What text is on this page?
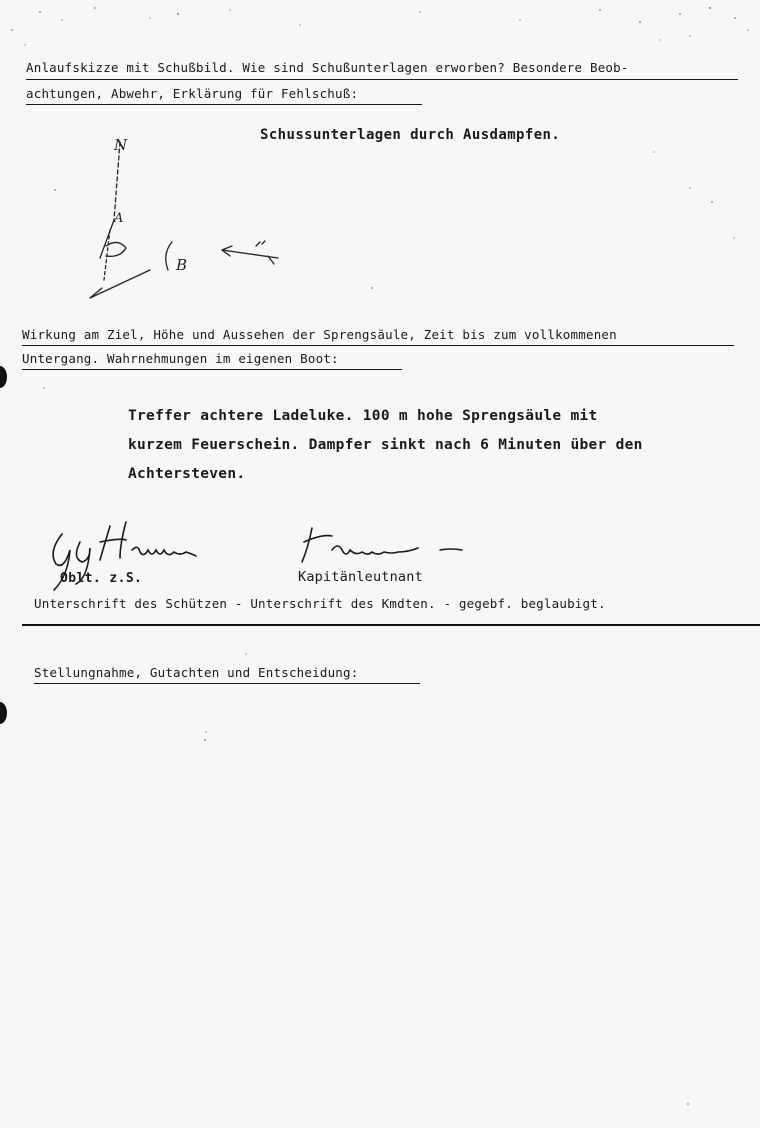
Anlaufskizze mit Schußbild. Wie sind Schußunterlagen erworben? Besondere Beob-
achtungen, Abwehr, Erklärung für Fehlschuß:
Schussunterlagen durch Ausdampfen.
N
A
B
Wirkung am Ziel, Höhe und Aussehen der Sprengsäule, Zeit bis zum vollkommenen
Untergang. Wahrnehmungen im eigenen Boot:
Treffer achtere Ladeluke. 100 m hohe Sprengsäule mit
kurzem Feuerschein. Dampfer sinkt nach 6 Minuten über den
Achtersteven.
Oblt. z.S.	Kapitänleutnant
Unterschrift des Schützen - Unterschrift des Kmdten. - gegebf. beglaubigt.
Stellungnahme, Gutachten und Entscheidung:
